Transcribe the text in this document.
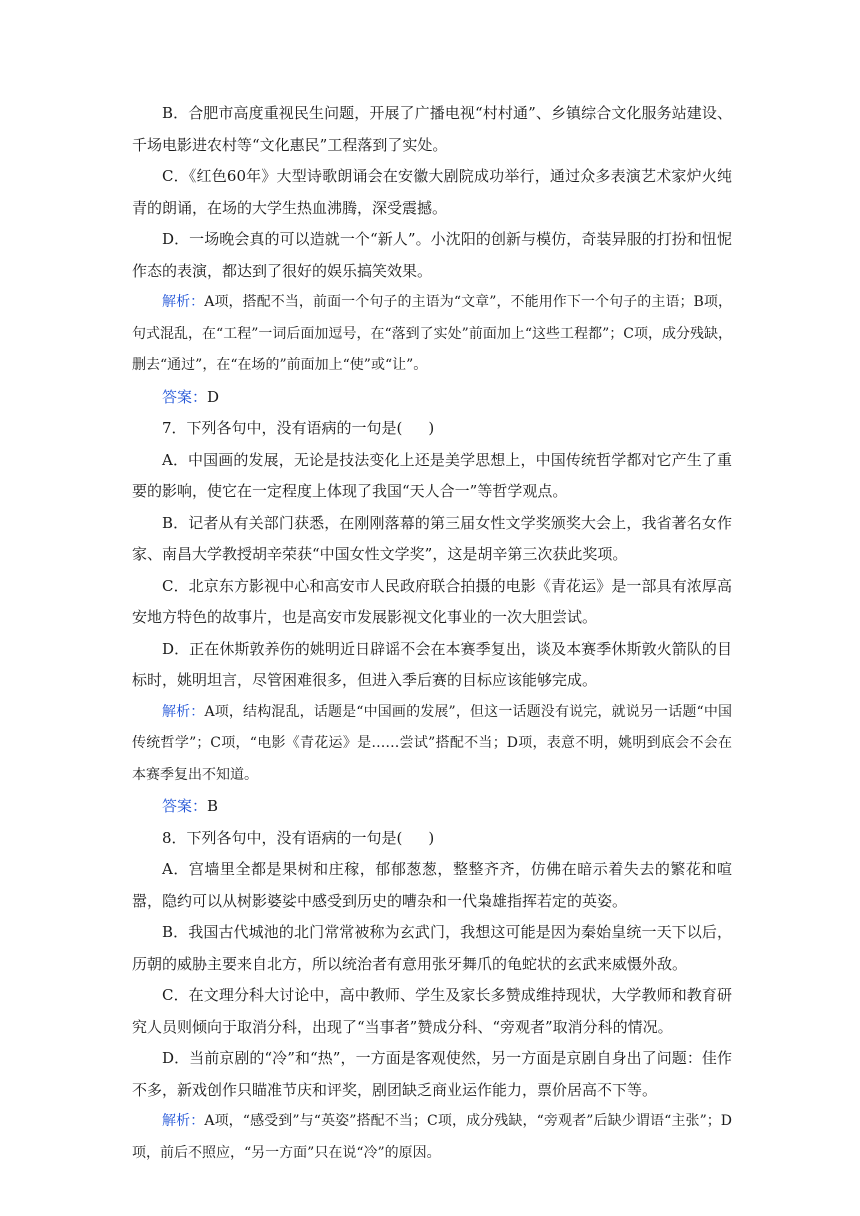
B．合肥市高度重视民生问题，开展了广播电视“村村通”、乡镇综合文化服务站建设、千场电影进农村等“文化惠民”工程落到了实处。

C．《红色60年》大型诗歌朗诵会在安徽大剧院成功举行，通过众多表演艺术家炉火纯青的朗诵，在场的大学生热血沸腾，深受震撼。

D．一场晚会真的可以造就一个“新人”。小沈阳的创新与模仿，奇装异服的打扮和忸怩作态的表演，都达到了很好的娱乐搞笑效果。

解析：A项，搭配不当，前面一个句子的主语为“文章”，不能用作下一个句子的主语；B项，句式混乱，在“工程”一词后面加逗号，在“落到了实处”前面加上“这些工程都”；C项，成分残缺，删去“通过”，在“在场的”前面加上“使”或“让”。

答案：D

7．下列各句中，没有语病的一句是( )

A．中国画的发展，无论是技法变化上还是美学思想上，中国传统哲学都对它产生了重要的影响，使它在一定程度上体现了我国“天人合一”等哲学观点。

B．记者从有关部门获悉，在刚刚落幕的第三届女性文学奖颁奖大会上，我省著名女作家、南昌大学教授胡辛荣获“中国女性文学奖”，这是胡辛第三次获此奖项。

C．北京东方影视中心和高安市人民政府联合拍摄的电影《青花运》是一部具有浓厚高安地方特色的故事片，也是高安市发展影视文化事业的一次大胆尝试。

D．正在休斯敦养伤的姚明近日辟谣不会在本赛季复出，谈及本赛季休斯敦火箭队的目标时，姚明坦言，尽管困难很多，但进入季后赛的目标应该能够完成。

解析：A项，结构混乱，话题是“中国画的发展”，但这一话题没有说完，就说另一话题“中国传统哲学”；C项，“电影《青花运》是……尝试”搭配不当；D项，表意不明，姚明到底会不会在本赛季复出不知道。

答案：B

8．下列各句中，没有语病的一句是( )

A．宫墙里全都是果树和庄稼，郁郁葱葱，整整齐齐，仿佛在暗示着失去的繁花和喧嚣，隐约可以从树影婆娑中感受到历史的嘈杂和一代枭雄指挥若定的英姿。

B．我国古代城池的北门常常被称为玄武门，我想这可能是因为秦始皇统一天下以后，历朝的威胁主要来自北方，所以统治者有意用张牙舞爪的龟蛇状的玄武来威慑外敌。

C．在文理分科大讨论中，高中教师、学生及家长多赞成维持现状，大学教师和教育研究人员则倾向于取消分科，出现了“当事者”赞成分科、“旁观者”取消分科的情况。

D．当前京剧的“冷”和“热”，一方面是客观使然，另一方面是京剧自身出了问题：佳作不多，新戏创作只瞄准节庆和评奖，剧团缺乏商业运作能力，票价居高不下等。

解析：A项，“感受到”与“英姿”搭配不当；C项，成分残缺，“旁观者”后缺少谓语“主张”；D项，前后不照应，“另一方面”只在说“冷”的原因。
